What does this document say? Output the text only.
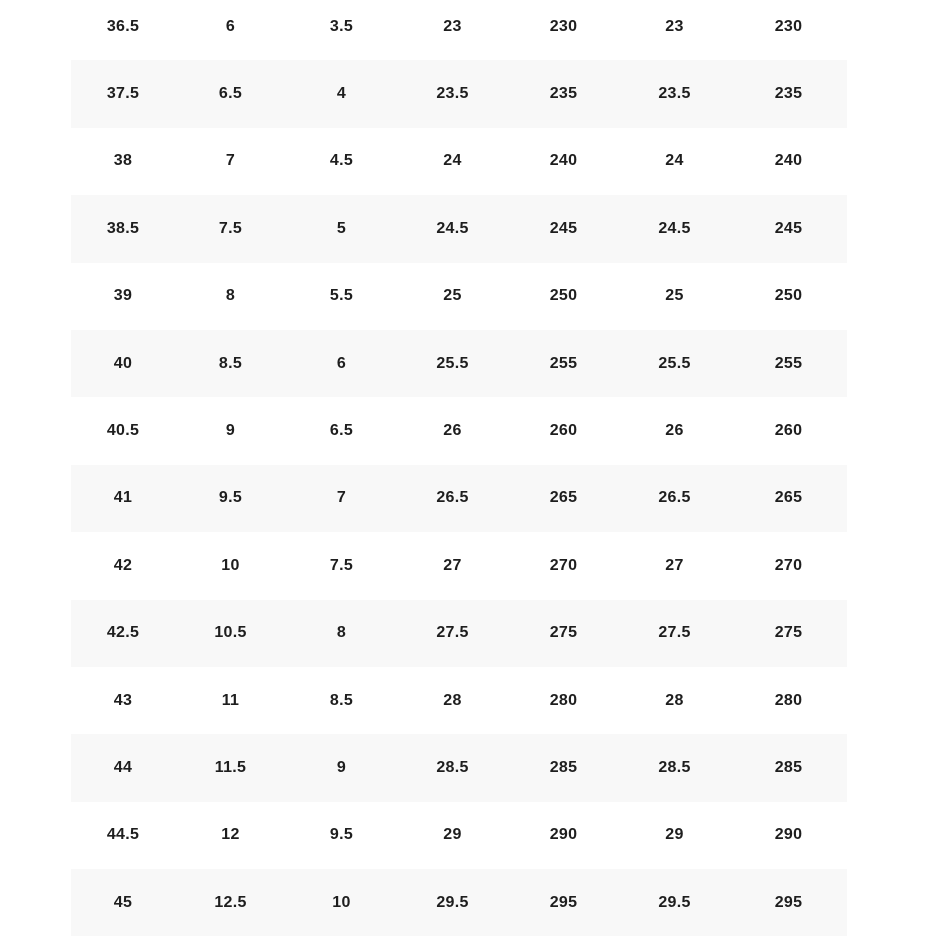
36.5	6	3.5	23	230	23	230
37.5	6.5	4	23.5	235	23.5	235
38	7	4.5	24	240	24	240
38.5	7.5	5	24.5	245	24.5	245
39	8	5.5	25	250	25	250
40	8.5	6	25.5	255	25.5	255
40.5	9	6.5	26	260	26	260
41	9.5	7	26.5	265	26.5	265
42	10	7.5	27	270	27	270
42.5	10.5	8	27.5	275	27.5	275
43	11	8.5	28	280	28	280
44	11.5	9	28.5	285	28.5	285
44.5	12	9.5	29	290	29	290
45	12.5	10	29.5	295	29.5	295
